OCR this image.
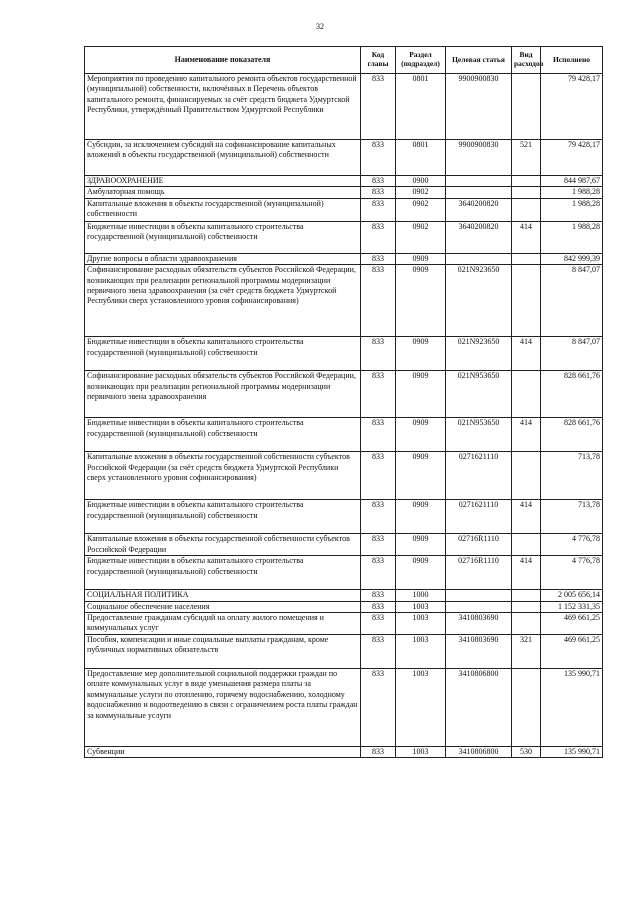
32
Наименование показателя	Код главы	Раздел (подраздел)	Целевая статья	Вид расходов	Исполнено
Мероприятия по проведению капитального ремонта объектов государственной (муниципальной) собственности, включённых в Перечень объектов капитального ремонта, финансируемых за счёт средств бюджета Удмуртской Республики, утверждённый Правительством Удмуртской Республики	833	0801	9900900830		79 428,17
Субсидии, за исключением субсидий на софинансирование капитальных вложений в объекты государственной (муниципальной) собственности	833	0801	9900900830	521	79 428,17
ЗДРАВООХРАНЕНИЕ	833	0900			844 987,67
Амбулаторная помощь	833	0902			1 988,28
Капитальные вложения в объекты государственной (муниципальной) собственности	833	0902	3640200820		1 988,28
Бюджетные инвестиции в объекты капитального строительства государственной (муниципальной) собственности	833	0902	3640200820	414	1 988,28
Другие вопросы в области здравоохранения	833	0909			842 999,39
Софинансирование расходных обязательств субъектов Российской Федерации, возникающих при реализации региональной программы модернизации первичного звена здравоохранения (за счёт средств бюджета Удмуртской Республики сверх установленного уровня софинансирования)	833	0909	021N923650		8 847,07
Бюджетные инвестиции в объекты капитального строительства государственной (муниципальной) собственности	833	0909	021N923650	414	8 847,07
Софинансирование расходных обязательств субъектов Российской Федерации, возникающих при реализации региональной программы модернизации первичного звена здравоохранения	833	0909	021N953650		828 661,76
Бюджетные инвестиции в объекты капитального строительства государственной (муниципальной) собственности	833	0909	021N953650	414	828 661,76
Капитальные вложения в объекты государственной собственности субъектов Российской Федерации (за счёт средств бюджета Удмуртской Республики сверх установленного уровня софинансирования)	833	0909	0271621110		713,78
Бюджетные инвестиции в объекты капитального строительства государственной (муниципальной) собственности	833	0909	0271621110	414	713,78
Капитальные вложения в объекты государственной собственности субъектов Российской Федерации	833	0909	02716R1110		4 776,78
Бюджетные инвестиции в объекты капитального строительства государственной (муниципальной) собственности	833	0909	02716R1110	414	4 776,78
СОЦИАЛЬНАЯ ПОЛИТИКА	833	1000			2 005 656,14
Социальное обеспечение населения	833	1003			1 152 331,35
Предоставление гражданам субсидий на оплату жилого помещения и коммунальных услуг	833	1003	3410803690		469 661,25
Пособия, компенсации и иные социальные выплаты гражданам, кроме публичных нормативных обязательств	833	1003	3410803690	321	469 661,25
Предоставление мер дополнительной социальной поддержки граждан по оплате коммунальных услуг в виде уменьшения размера платы за коммунальные услуги по отоплению, горячему водоснабжению, холодному водоснабжению и водоотведению в связи с ограничением роста платы граждан за коммунальные услуги	833	1003	3410806800		135 990,71
Субвенции	833	1003	3410806800	530	135 990,71
